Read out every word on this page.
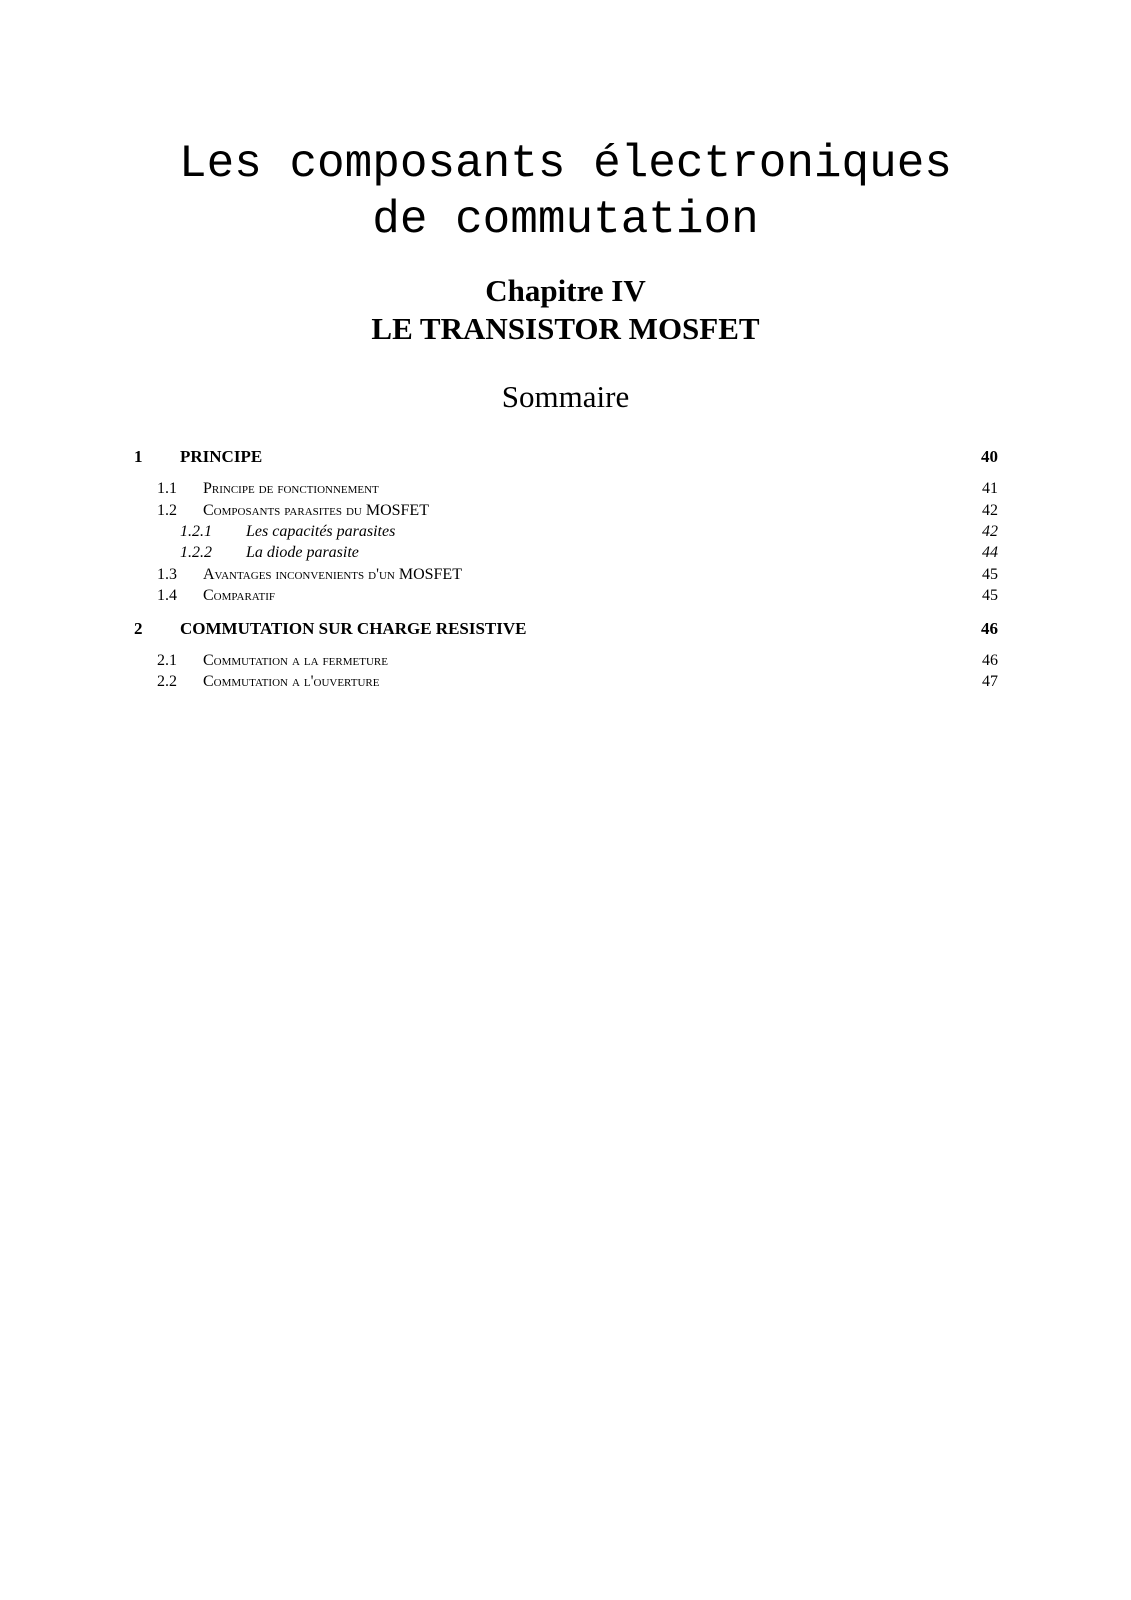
Les composants électroniques
de commutation
Chapitre IV
LE TRANSISTOR MOSFET
Sommaire
1	PRINCIPE	40
1.1	Principe de fonctionnement	41
1.2	Composants parasites du MOSFET	42
1.2.1	Les capacités parasites	42
1.2.2	La diode parasite	44
1.3	Avantages inconvenients d'un MOSFET	45
1.4	Comparatif	45
2	COMMUTATION SUR CHARGE RESISTIVE	46
2.1	Commutation a la fermeture	46
2.2	Commutation a l'ouverture	47
